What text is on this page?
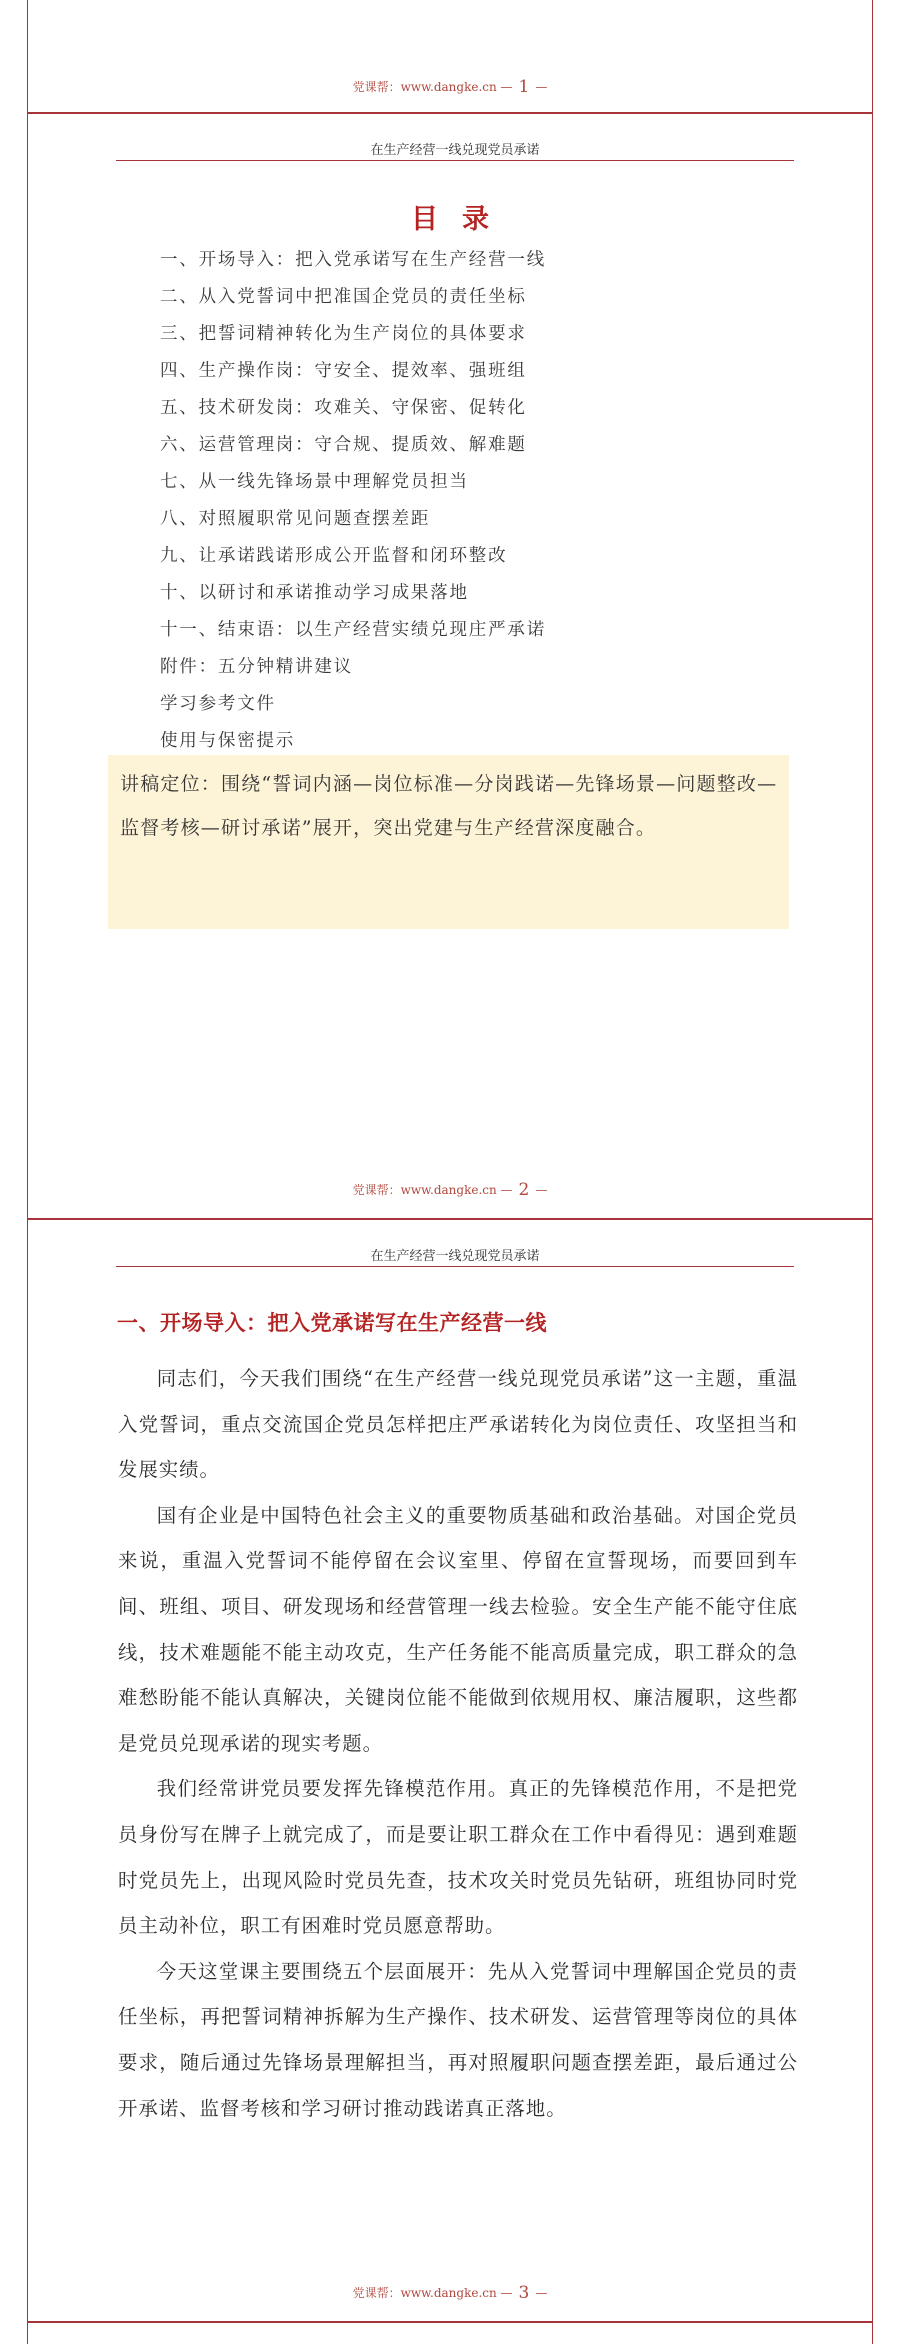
党课帮：www.dangke.cn — 1 —
在生产经营一线兑现党员承诺
目录
一、开场导入：把入党承诺写在生产经营一线
二、从入党誓词中把准国企党员的责任坐标
三、把誓词精神转化为生产岗位的具体要求
四、生产操作岗：守安全、提效率、强班组
五、技术研发岗：攻难关、守保密、促转化
六、运营管理岗：守合规、提质效、解难题
七、从一线先锋场景中理解党员担当
八、对照履职常见问题查摆差距
九、让承诺践诺形成公开监督和闭环整改
十、以研讨和承诺推动学习成果落地
十一、结束语：以生产经营实绩兑现庄严承诺
附件：五分钟精讲建议
学习参考文件
使用与保密提示

讲稿定位：围绕“誓词内涵—岗位标准—分岗践诺—先锋场景—问题整改—监督考核—研讨承诺”展开，突出党建与生产经营深度融合。

党课帮：www.dangke.cn — 2 —
在生产经营一线兑现党员承诺
一、开场导入：把入党承诺写在生产经营一线

同志们，今天我们围绕“在生产经营一线兑现党员承诺”这一主题，重温入党誓词，重点交流国企党员怎样把庄严承诺转化为岗位责任、攻坚担当和发展实绩。

国有企业是中国特色社会主义的重要物质基础和政治基础。对国企党员来说，重温入党誓词不能停留在会议室里、停留在宣誓现场，而要回到车间、班组、项目、研发现场和经营管理一线去检验。安全生产能不能守住底线，技术难题能不能主动攻克，生产任务能不能高质量完成，职工群众的急难愁盼能不能认真解决，关键岗位能不能做到依规用权、廉洁履职，这些都是党员兑现承诺的现实考题。

我们经常讲党员要发挥先锋模范作用。真正的先锋模范作用，不是把党员身份写在牌子上就完成了，而是要让职工群众在工作中看得见：遇到难题时党员先上，出现风险时党员先查，技术攻关时党员先钻研，班组协同时党员主动补位，职工有困难时党员愿意帮助。

今天这堂课主要围绕五个层面展开：先从入党誓词中理解国企党员的责任坐标，再把誓词精神拆解为生产操作、技术研发、运营管理等岗位的具体要求，随后通过先锋场景理解担当，再对照履职问题查摆差距，最后通过公开承诺、监督考核和学习研讨推动践诺真正落地。

党课帮：www.dangke.cn — 3 —
